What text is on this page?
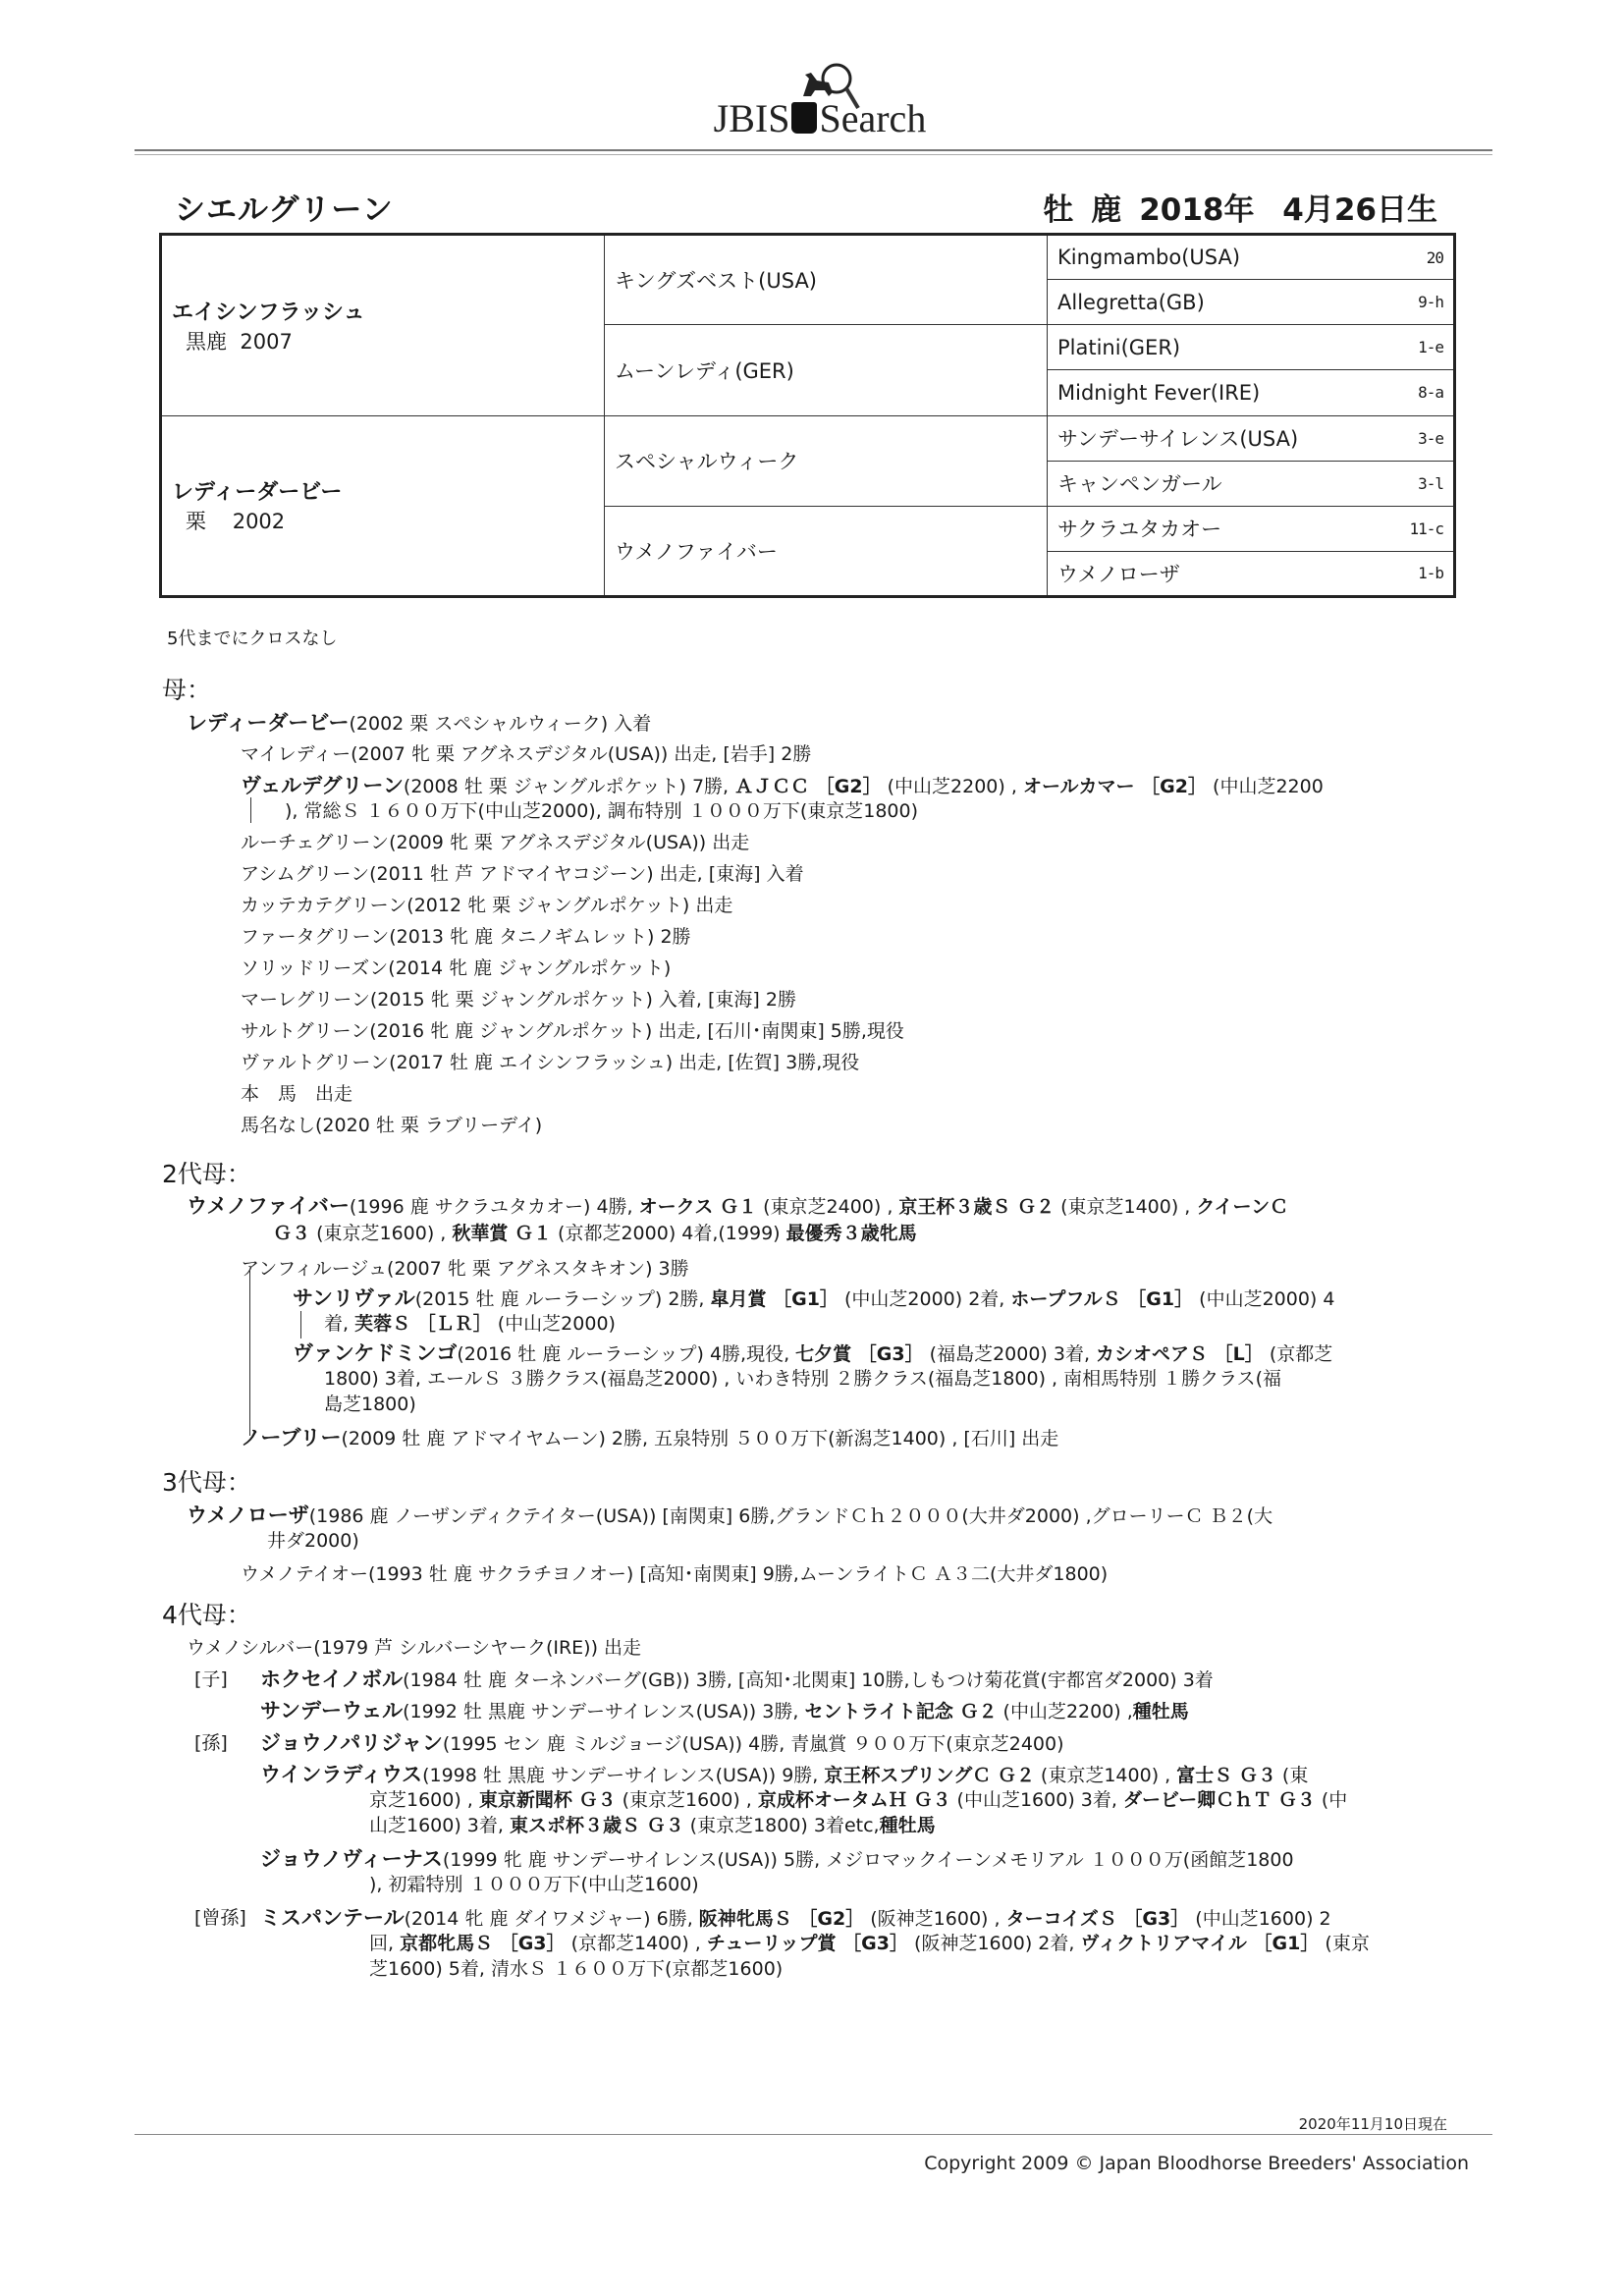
JBIS Search
シエルグリーン	牡 鹿 2018年 4月26日生
エイシンフラッシュ
黒鹿 2007	キングズベスト(USA)	Kingmambo(USA) 20

		Allegretta(GB) 9-h

	ムーンレディ(GER)	Platini(GER) 1-e

		Midnight Fever(IRE) 8-a

レディーダービー
栗 2002	スペシャルウィーク	サンデーサイレンス(USA) 3-e

		キャンペンガール 3-l

	ウメノファイバー	サクラユタカオー 11-c

		ウメノローザ 1-b
5代までにクロスなし
母：
レディーダービー(2002 栗 スペシャルウィーク) 入着
マイレディー(2007 牝 栗 アグネスデジタル(USA)) 出走, [岩手] 2勝
ヴェルデグリーン(2008 牡 栗 ジャングルポケット) 7勝, ＡＪＣＣ ［G2］ (中山芝2200) , オールカマー ［G2］ (中山芝2200
), 常総Ｓ １６００万下(中山芝2000), 調布特別 １０００万下(東京芝1800)
ルーチェグリーン(2009 牝 栗 アグネスデジタル(USA)) 出走
アシムグリーン(2011 牡 芦 アドマイヤコジーン) 出走, [東海] 入着
カッテカテグリーン(2012 牝 栗 ジャングルポケット) 出走
ファータグリーン(2013 牝 鹿 タニノギムレット) 2勝
ソリッドリーズン(2014 牝 鹿 ジャングルポケット)
マーレグリーン(2015 牝 栗 ジャングルポケット) 入着, [東海] 2勝
サルトグリーン(2016 牝 鹿 ジャングルポケット) 出走, [石川･南関東] 5勝,現役
ヴァルトグリーン(2017 牡 鹿 エイシンフラッシュ) 出走, [佐賀] 3勝,現役
本　馬　出走
馬名なし(2020 牡 栗 ラブリーデイ)
2代母：
ウメノファイバー(1996 鹿 サクラユタカオー) 4勝, オークス Ｇ１ (東京芝2400) , 京王杯３歳Ｓ Ｇ２ (東京芝1400) , クイーンＣ
Ｇ３ (東京芝1600) , 秋華賞 Ｇ１ (京都芝2000) 4着,(1999) 最優秀３歳牝馬
アンフィルージュ(2007 牝 栗 アグネスタキオン) 3勝
サンリヴァル(2015 牡 鹿 ルーラーシップ) 2勝, 皐月賞 ［G1］ (中山芝2000) 2着, ホープフルＳ ［G1］ (中山芝2000) 4
着, 芙蓉Ｓ ［ＬＲ］ (中山芝2000)
ヴァンケドミンゴ(2016 牡 鹿 ルーラーシップ) 4勝,現役, 七夕賞 ［G3］ (福島芝2000) 3着, カシオペアＳ ［L］ (京都芝
1800) 3着, エールＳ ３勝クラス(福島芝2000) , いわき特別 ２勝クラス(福島芝1800) , 南相馬特別 １勝クラス(福
島芝1800)
ノーブリー(2009 牡 鹿 アドマイヤムーン) 2勝, 五泉特別 ５００万下(新潟芝1400) , [石川] 出走
3代母：
ウメノローザ(1986 鹿 ノーザンディクテイター(USA)) [南関東] 6勝,グランドＣｈ２０００(大井ダ2000) ,グローリーＣ Ｂ２(大
井ダ2000)
ウメノテイオー(1993 牡 鹿 サクラチヨノオー) [高知･南関東] 9勝,ムーンライトＣ Ａ３二(大井ダ1800)
4代母：
ウメノシルバー(1979 芦 シルバーシヤーク(IRE)) 出走
[子] ホクセイノボル(1984 牡 鹿 ターネンバーグ(GB)) 3勝, [高知･北関東] 10勝,しもつけ菊花賞(宇都宮ダ2000) 3着
サンデーウェル(1992 牡 黒鹿 サンデーサイレンス(USA)) 3勝, セントライト記念 Ｇ２ (中山芝2200) ,種牡馬
[孫] ジョウノパリジャン(1995 セン 鹿 ミルジョージ(USA)) 4勝, 青嵐賞 ９００万下(東京芝2400)
ウインラディウス(1998 牡 黒鹿 サンデーサイレンス(USA)) 9勝, 京王杯スプリングＣ Ｇ２ (東京芝1400) , 富士Ｓ Ｇ３ (東
京芝1600) , 東京新聞杯 Ｇ３ (東京芝1600) , 京成杯オータムＨ Ｇ３ (中山芝1600) 3着, ダービー卿ＣｈＴ Ｇ３ (中
山芝1600) 3着, 東スポ杯３歳Ｓ Ｇ３ (東京芝1800) 3着etc,種牡馬
ジョウノヴィーナス(1999 牝 鹿 サンデーサイレンス(USA)) 5勝, メジロマックイーンメモリアル １０００万(函館芝1800
), 初霜特別 １０００万下(中山芝1600)
[曾孫] ミスパンテール(2014 牝 鹿 ダイワメジャー) 6勝, 阪神牝馬Ｓ ［G2］ (阪神芝1600) , ターコイズＳ ［G3］ (中山芝1600) 2
回, 京都牝馬Ｓ ［G3］ (京都芝1400) , チューリップ賞 ［G3］ (阪神芝1600) 2着, ヴィクトリアマイル ［G1］ (東京
芝1600) 5着, 清水Ｓ １６００万下(京都芝1600)
2020年11月10日現在
Copyright 2009 © Japan Bloodhorse Breeders' Association
